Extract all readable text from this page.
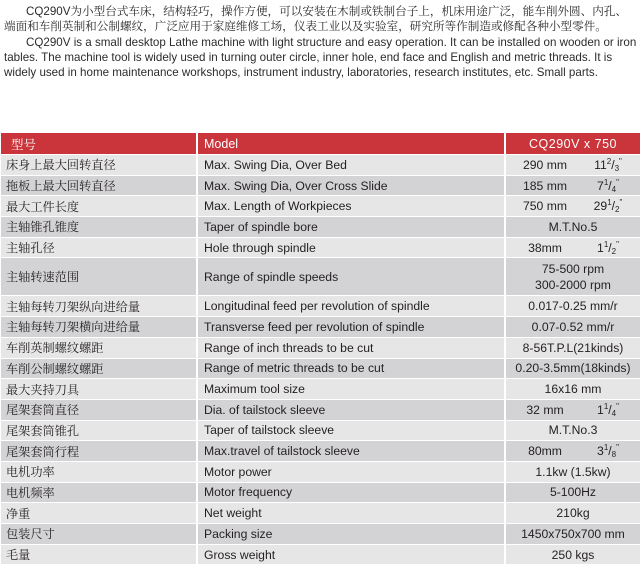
CQ290V为小型台式车床，结构轻巧，操作方便，可以安装在木制或铁制台子上，机床用途广泛，能车削外圆、内孔、端面和车削英制和公制螺纹，广泛应用于家庭维修工场，仪表工业以及实验室，研究所等作制造或修配各种小型零件。

CQ290V is a small desktop Lathe machine with light structure and easy operation. It can be installed on wooden or iron tables. The machine tool is widely used in turning outer circle, inner hole, end face and English and metric threads. It is widely used in home maintenance workshops, instrument industry, laboratories, research institutes, etc. Small parts.

型号	Model	CQ290V x 750
床身上最大回转直径	Max. Swing Dia, Over Bed	290 mm $11^2/_3^"$

拖板上最大回转直径	Max. Swing Dia, Over Cross Slide	185 mm $7^1/_4^"$

最大工件长度	Max. Length of Workpieces	750 mm $29^1/_2^"$

主轴锥孔锥度	Taper of spindle bore	M.T.No.5
主轴孔径	Hole through spindle	38mm $1^1/_2^"$

主轴转速范围	Range of spindle speeds	75-500 rpm
300-2000 rpm

主轴每转刀架纵向进给量	Longitudinal feed per revolution of spindle	0.017-0.25 mm/r
主轴每转刀架横向进给量	Transverse feed per revolution of spindle	0.07-0.52 mm/r
车削英制螺纹螺距	Range of inch threads to be cut	8-56T.P.L(21kinds)
车削公制螺纹螺距	Range of metric threads to be cut	0.20-3.5mm(18kinds)
最大夹持刀具	Maximum tool size	16x16 mm
尾架套筒直径	Dia. of tailstock sleeve	32 mm $1^1/_4^"$

尾架套筒锥孔	Taper of tailstock sleeve	M.T.No.3
尾架套筒行程	Max.travel of tailstock sleeve	80mm $3^1/_8^"$

电机功率	Motor power	1.1kw (1.5kw)
电机频率	Motor frequency	5-100Hz
净重	Net weight	210kg
包装尺寸	Packing size	1450x750x700 mm
毛量	Gross weight	250 kgs
